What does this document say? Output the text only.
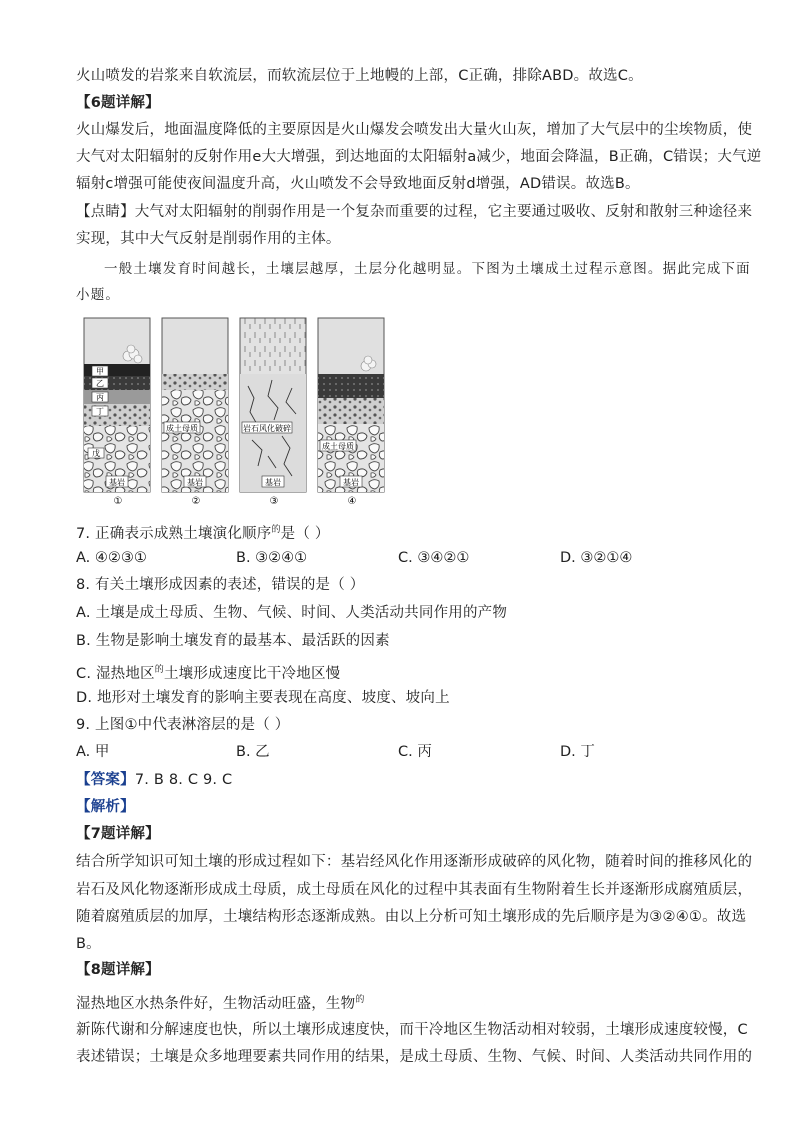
火山喷发的岩浆来自软流层，而软流层位于上地幔的上部，C正确，排除ABD。故选C。
【6题详解】
火山爆发后，地面温度降低的主要原因是火山爆发会喷发出大量火山灰，增加了大气层中的尘埃物质，使
大气对太阳辐射的反射作用e大大增强，到达地面的太阳辐射a减少，地面会降温，B正确，C错误；大气逆
辐射c增强可能使夜间温度升高，火山喷发不会导致地面反射d增强，AD错误。故选B。
【点睛】大气对太阳辐射的削弱作用是一个复杂而重要的过程，它主要通过吸收、反射和散射三种途径来
实现，其中大气反射是削弱作用的主体。
一般土壤发育时间越长，土壤层越厚，土层分化越明显。下图为土壤成土过程示意图。据此完成下面
小题。
甲
乙
丙
丁
戊
基岩
成土母质
基岩
岩石风化破碎
基岩
成土母质
基岩
①	②	③	④
7. 正确表示成熟土壤演化顺序$^的$是（ ）
A. ④②③①	B. ③②④①	C. ③④②①	D. ③②①④
8. 有关土壤形成因素的表述，错误的是（ ）
A. 土壤是成土母质、生物、气候、时间、人类活动共同作用的产物
B. 生物是影响土壤发育的最基本、最活跃的因素
C. 湿热地区$^的$土壤形成速度比干冷地区慢
D. 地形对土壤发育的影响主要表现在高度、坡度、坡向上
9. 上图①中代表淋溶层的是（ ）
A. 甲	B. 乙	C. 丙	D. 丁
【答案】7. B 8. C 9. C
【解析】
【7题详解】
结合所学知识可知土壤的形成过程如下：基岩经风化作用逐渐形成破碎的风化物，随着时间的推移风化的
岩石及风化物逐渐形成成土母质，成土母质在风化的过程中其表面有生物附着生长并逐渐形成腐殖质层，
随着腐殖质层的加厚，土壤结构形态逐渐成熟。由以上分析可知土壤形成的先后顺序是为③②④①。故选
B。
【8题详解】
湿热地区水热条件好，生物活动旺盛，生物$^的$
新陈代谢和分解速度也快，所以土壤形成速度快，而干冷地区生物活动相对较弱，土壤形成速度较慢，C
表述错误；土壤是众多地理要素共同作用的结果，是成土母质、生物、气候、时间、人类活动共同作用的
